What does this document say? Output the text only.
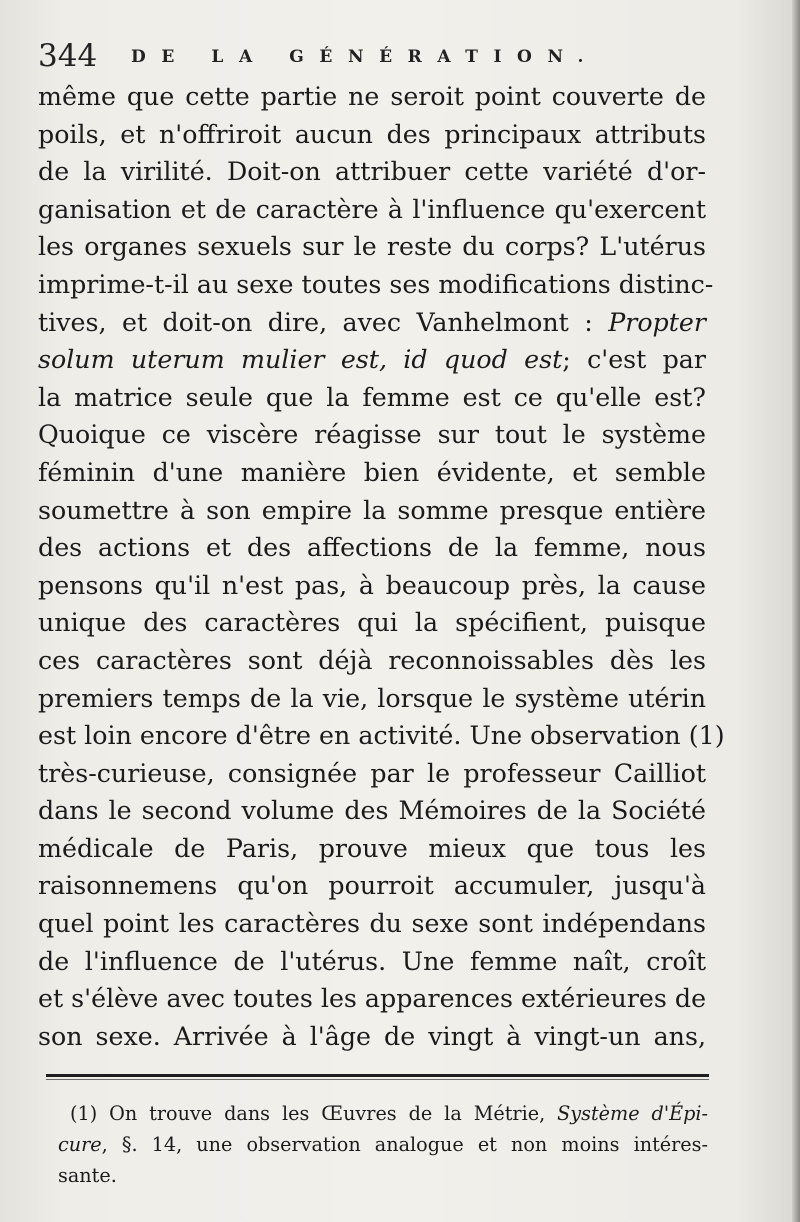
344 DE LA GÉNÉRATION.
même que cette partie ne seroit point couverte de
poils, et n'offriroit aucun des principaux attributs
de la virilité. Doit-on attribuer cette variété d'or-
ganisation et de caractère à l'influence qu'exercent
les organes sexuels sur le reste du corps? L'utérus
imprime-t-il au sexe toutes ses modifications distinc-
tives, et doit-on dire, avec Vanhelmont : Propter
solum uterum mulier est, id quod est; c'est par
la matrice seule que la femme est ce qu'elle est?
Quoique ce viscère réagisse sur tout le système
féminin d'une manière bien évidente, et semble
soumettre à son empire la somme presque entière
des actions et des affections de la femme, nous
pensons qu'il n'est pas, à beaucoup près, la cause
unique des caractères qui la spécifient, puisque
ces caractères sont déjà reconnoissables dès les
premiers temps de la vie, lorsque le système utérin
est loin encore d'être en activité. Une observation (1)
très-curieuse, consignée par le professeur Cailliot
dans le second volume des Mémoires de la Société
médicale de Paris, prouve mieux que tous les
raisonnemens qu'on pourroit accumuler, jusqu'à
quel point les caractères du sexe sont indépendans
de l'influence de l'utérus. Une femme naît, croît
et s'élève avec toutes les apparences extérieures de
son sexe. Arrivée à l'âge de vingt à vingt-un ans,
(1) On trouve dans les Œuvres de la Métrie, Système d'Épi-
cure, §. 14, une observation analogue et non moins intéres-
sante.
